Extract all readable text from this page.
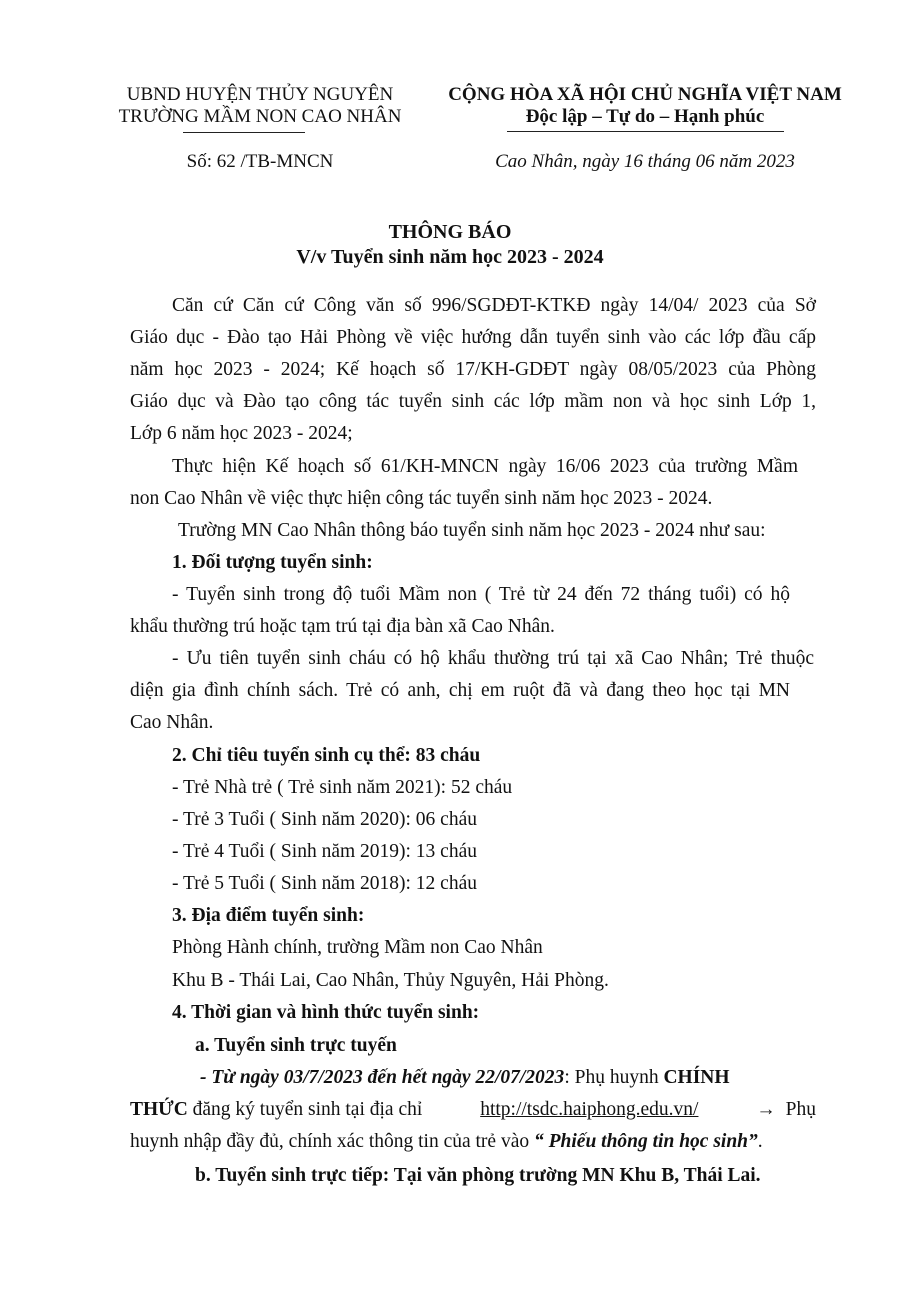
UBND HUYỆN THỦY NGUYÊN
TRƯỜNG MẦM NON CAO NHÂN
CỘNG HÒA XÃ HỘI CHỦ NGHĨA VIỆT NAM
Độc lập – Tự do – Hạnh phúc
Số: 62 /TB-MNCN	Cao Nhân, ngày 16 tháng 06 năm 2023
THÔNG BÁO
V/v Tuyển sinh năm học 2023 - 2024
Căn cứ Căn cứ Công văn số 996/SGDĐT-KTKĐ ngày 14/04/ 2023 của Sở
Giáo dục - Đào tạo Hải Phòng về việc hướng dẫn tuyển sinh vào các lớp đầu cấp
năm học 2023 - 2024; Kế hoạch số 17/KH-GDĐT ngày 08/05/2023 của Phòng
Giáo dục và Đào tạo công tác tuyển sinh các lớp mầm non và học sinh Lớp 1,
Lớp 6 năm học 2023 - 2024;
Thực hiện Kế hoạch số 61/KH-MNCN ngày 16/06 2023 của trường Mầm
non Cao Nhân về việc thực hiện công tác tuyển sinh năm học 2023 - 2024.
Trường MN Cao Nhân thông báo tuyển sinh năm học 2023 - 2024 như sau:
1. Đối tượng tuyển sinh:
- Tuyển sinh trong độ tuổi Mầm non ( Trẻ từ 24 đến 72 tháng tuổi) có hộ
khẩu thường trú hoặc tạm trú tại địa bàn xã Cao Nhân.
- Ưu tiên tuyển sinh cháu có hộ khẩu thường trú tại xã Cao Nhân; Trẻ thuộc
diện gia đình chính sách. Trẻ có anh, chị em ruột đã và đang theo học tại MN
Cao Nhân.
2. Chỉ tiêu tuyển sinh cụ thể: 83 cháu
- Trẻ Nhà trẻ ( Trẻ sinh năm 2021): 52 cháu
- Trẻ 3 Tuổi ( Sinh năm 2020): 06 cháu
- Trẻ 4 Tuổi ( Sinh năm 2019): 13 cháu
- Trẻ 5 Tuổi ( Sinh năm 2018): 12 cháu
3. Địa điểm tuyển sinh:
Phòng Hành chính, trường Mầm non Cao Nhân
Khu B - Thái Lai, Cao Nhân, Thủy Nguyên, Hải Phòng.
4. Thời gian và hình thức tuyển sinh:
a. Tuyển sinh trực tuyến
- Từ ngày 03/7/2023 đến hết ngày 22/07/2023: Phụ huynh CHÍNH
THỨC đăng ký tuyển sinh tại địa chỉ	http://tsdc.haiphong.edu.vn/	→ Phụ
huynh nhập đầy đủ, chính xác thông tin của trẻ vào “ Phiếu thông tin học sinh”.
b. Tuyển sinh trực tiếp: Tại văn phòng trường MN Khu B, Thái Lai.
